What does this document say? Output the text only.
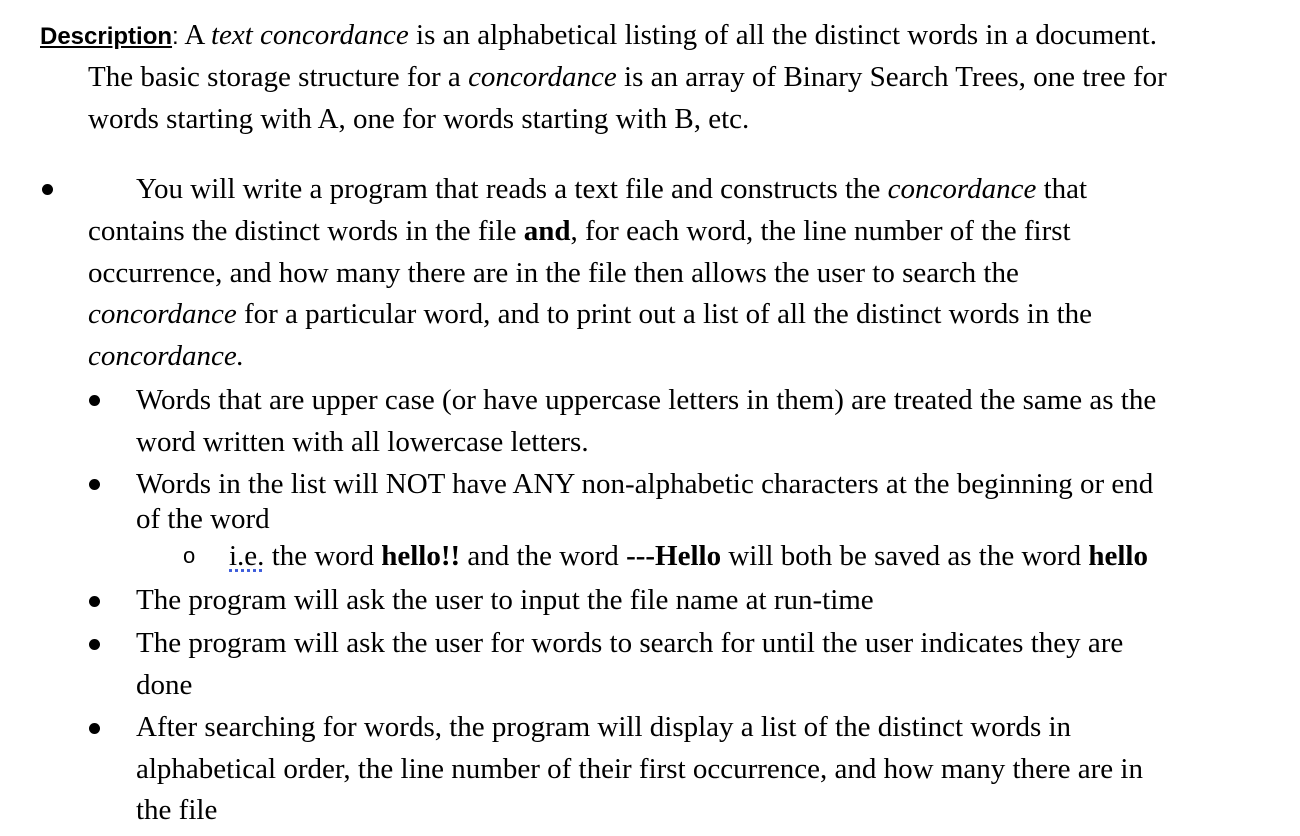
Description: A text concordance is an alphabetical listing of all the distinct words in a document.
The basic storage structure for a concordance is an array of Binary Search Trees, one tree for
words starting with A, one for words starting with B, etc.
You will write a program that reads a text file and constructs the concordance that
contains the distinct words in the file and, for each word, the line number of the first
occurrence, and how many there are in the file then allows the user to search the
concordance for a particular word, and to print out a list of all the distinct words in the
concordance.
Words that are upper case (or have uppercase letters in them) are treated the same as the
word written with all lowercase letters.
Words in the list will NOT have ANY non-alphabetic characters at the beginning or end
of the word
o i.e. the word hello!! and the word ---Hello will both be saved as the word hello
The program will ask the user to input the file name at run-time
The program will ask the user for words to search for until the user indicates they are
done
After searching for words, the program will display a list of the distinct words in
alphabetical order, the line number of their first occurrence, and how many there are in
the file
